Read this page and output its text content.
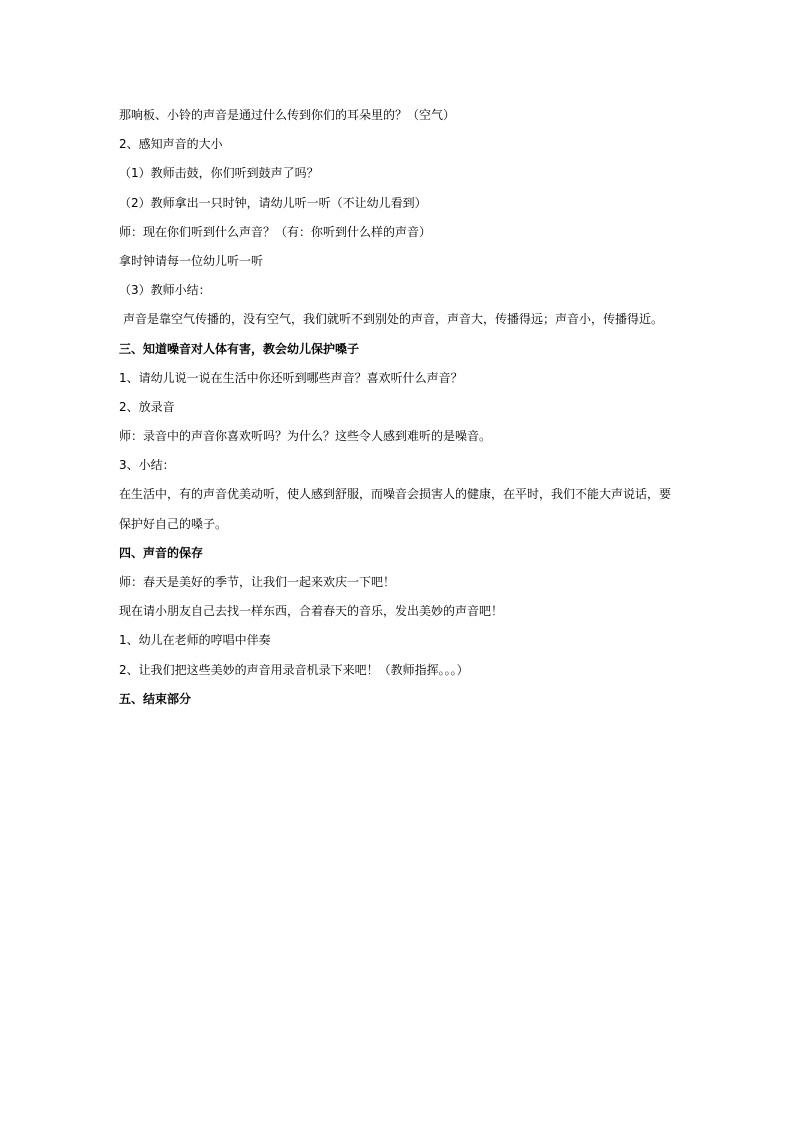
那响板、小铃的声音是通过什么传到你们的耳朵里的？（空气）
2、感知声音的大小
（1）教师击鼓，你们听到鼓声了吗？
（2）教师拿出一只时钟，请幼儿听一听（不让幼儿看到）
师：现在你们听到什么声音？（有：你听到什么样的声音）
拿时钟请每一位幼儿听一听
（3）教师小结：
声音是靠空气传播的，没有空气，我们就听不到别处的声音，声音大，传播得远；声音小，传播得近。
三、知道噪音对人体有害，教会幼儿保护嗓子
1、请幼儿说一说在生活中你还听到哪些声音？喜欢听什么声音？
2、放录音
师：录音中的声音你喜欢听吗？为什么？这些令人感到难听的是噪音。
3、小结：
在生活中，有的声音优美动听，使人感到舒服，而噪音会损害人的健康，在平时，我们不能大声说话，要
保护好自己的嗓子。
四、声音的保存
师：春天是美好的季节，让我们一起来欢庆一下吧！
现在请小朋友自己去找一样东西，合着春天的音乐，发出美妙的声音吧！
1、幼儿在老师的哼唱中伴奏
2、让我们把这些美妙的声音用录音机录下来吧！（教师指挥。。。）
五、结束部分
